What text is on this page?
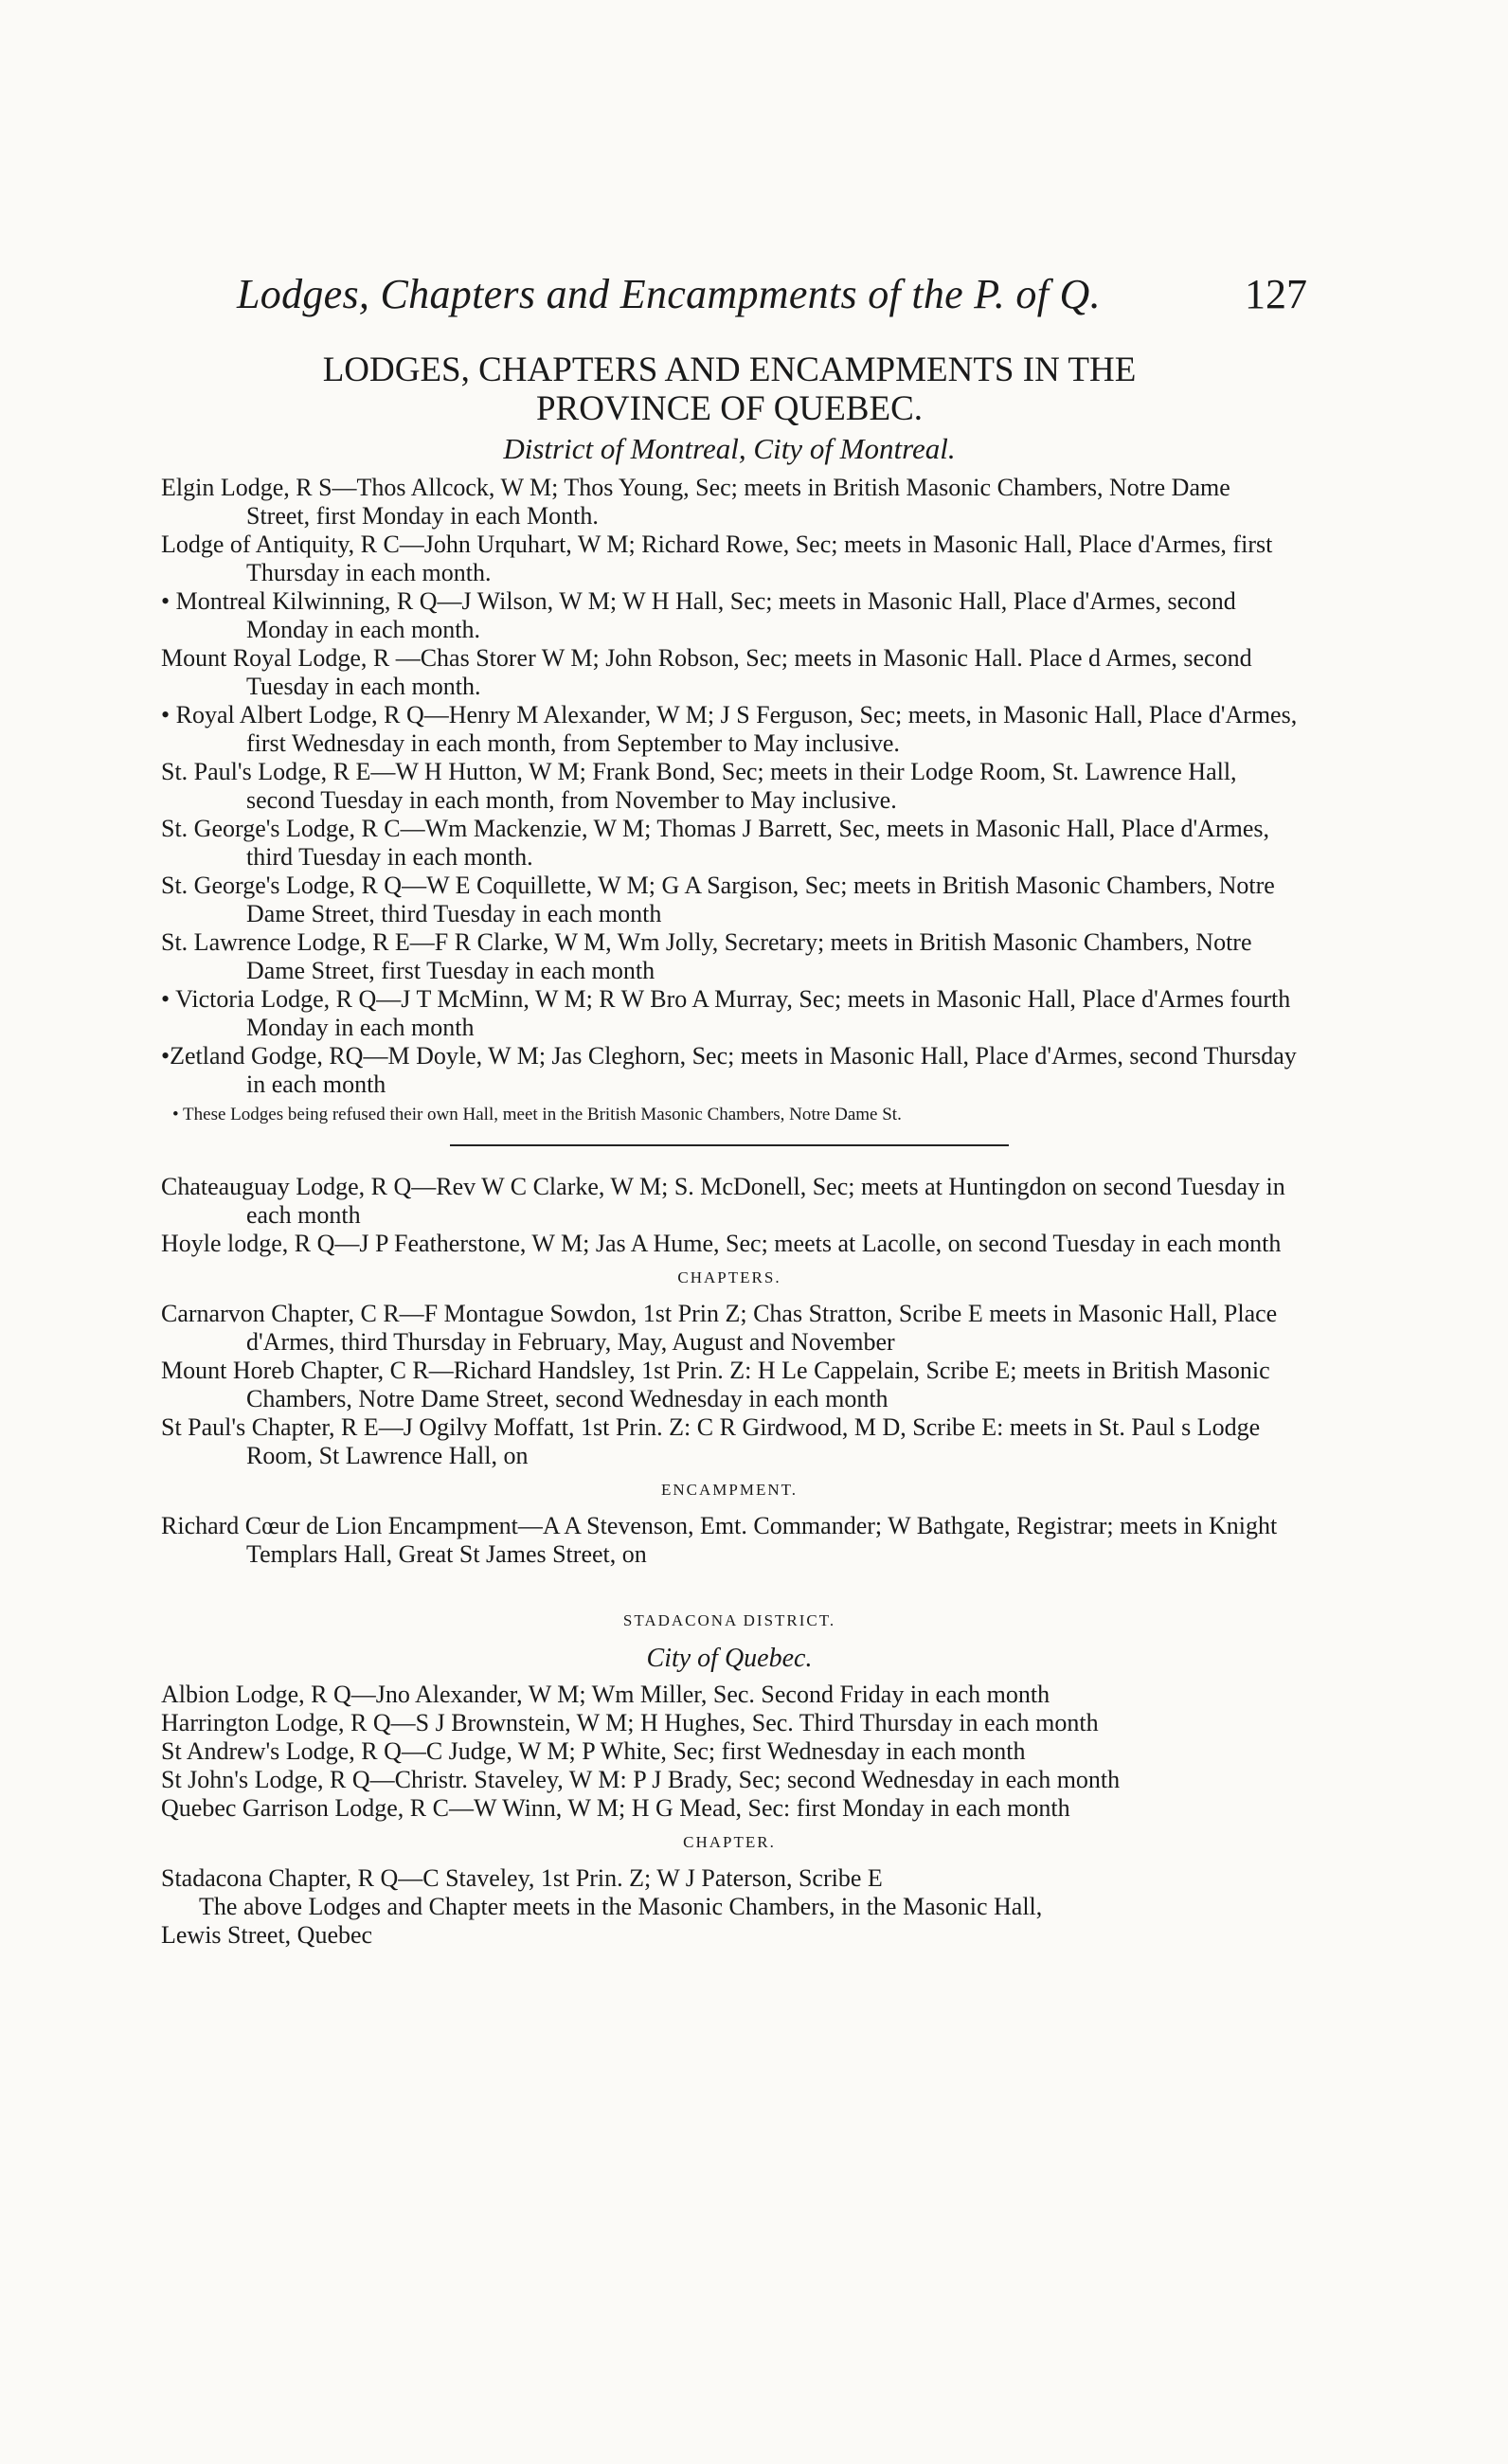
Lodges, Chapters and Encampments of the P. of Q.	127
LODGES, CHAPTERS AND ENCAMPMENTS IN THE
PROVINCE OF QUEBEC.
District of Montreal, City of Montreal.

Elgin Lodge, R S—Thos Allcock, W M; Thos Young, Sec; meets in British Masonic Chambers, Notre Dame Street, first Monday in each Month.

Lodge of Antiquity, R C—John Urquhart, W M; Richard Rowe, Sec; meets in Masonic Hall, Place d'Armes, first Thursday in each month.

• Montreal Kilwinning, R Q—J Wilson, W M; W H Hall, Sec; meets in Masonic Hall, Place d'Armes, second Monday in each month.

Mount Royal Lodge, R —Chas Storer W M; John Robson, Sec; meets in Masonic Hall. Place d Armes, second Tuesday in each month.

• Royal Albert Lodge, R Q—Henry M Alexander, W M; J S Ferguson, Sec; meets, in Masonic Hall, Place d'Armes, first Wednesday in each month, from September to May inclusive.

St. Paul's Lodge, R E—W H Hutton, W M; Frank Bond, Sec; meets in their Lodge Room, St. Lawrence Hall, second Tuesday in each month, from November to May inclusive.

St. George's Lodge, R C—Wm Mackenzie, W M; Thomas J Barrett, Sec, meets in Masonic Hall, Place d'Armes, third Tuesday in each month.

St. George's Lodge, R Q—W E Coquillette, W M; G A Sargison, Sec; meets in British Masonic Chambers, Notre Dame Street, third Tuesday in each month

St. Lawrence Lodge, R E—F R Clarke, W M, Wm Jolly, Secretary; meets in British Masonic Chambers, Notre Dame Street, first Tuesday in each month

• Victoria Lodge, R Q—J T McMinn, W M; R W Bro A Murray, Sec; meets in Masonic Hall, Place d'Armes fourth Monday in each month

•Zetland Godge, RQ—M Doyle, W M; Jas Cleghorn, Sec; meets in Masonic Hall, Place d'Armes, second Thursday in each month

• These Lodges being refused their own Hall, meet in the British Masonic Chambers, Notre Dame St.

Chateauguay Lodge, R Q—Rev W C Clarke, W M; S. McDonell, Sec; meets at Huntingdon on second Tuesday in each month

Hoyle lodge, R Q—J P Featherstone, W M; Jas A Hume, Sec; meets at Lacolle, on second Tuesday in each month

CHAPTERS.

Carnarvon Chapter, C R—F Montague Sowdon, 1st Prin Z; Chas Stratton, Scribe E meets in Masonic Hall, Place d'Armes, third Thursday in February, May, August and November

Mount Horeb Chapter, C R—Richard Handsley, 1st Prin. Z: H Le Cappelain, Scribe E; meets in British Masonic Chambers, Notre Dame Street, second Wednesday in each month

St Paul's Chapter, R E—J Ogilvy Moffatt, 1st Prin. Z: C R Girdwood, M D, Scribe E: meets in St. Paul s Lodge Room, St Lawrence Hall, on

ENCAMPMENT.

Richard Cœur de Lion Encampment—A A Stevenson, Emt. Commander; W Bathgate, Registrar; meets in Knight Templars Hall, Great St James Street, on

STADACONA DISTRICT.
City of Quebec.

Albion Lodge, R Q—Jno Alexander, W M; Wm Miller, Sec. Second Friday in each month

Harrington Lodge, R Q—S J Brownstein, W M; H Hughes, Sec. Third Thursday in each month

St Andrew's Lodge, R Q—C Judge, W M; P White, Sec; first Wednesday in each month

St John's Lodge, R Q—Christr. Staveley, W M: P J Brady, Sec; second Wednesday in each month

Quebec Garrison Lodge, R C—W Winn, W M; H G Mead, Sec: first Monday in each month

CHAPTER.

Stadacona Chapter, R Q—C Staveley, 1st Prin. Z; W J Paterson, Scribe E

The above Lodges and Chapter meets in the Masonic Chambers, in the Masonic Hall,

Lewis Street, Quebec
